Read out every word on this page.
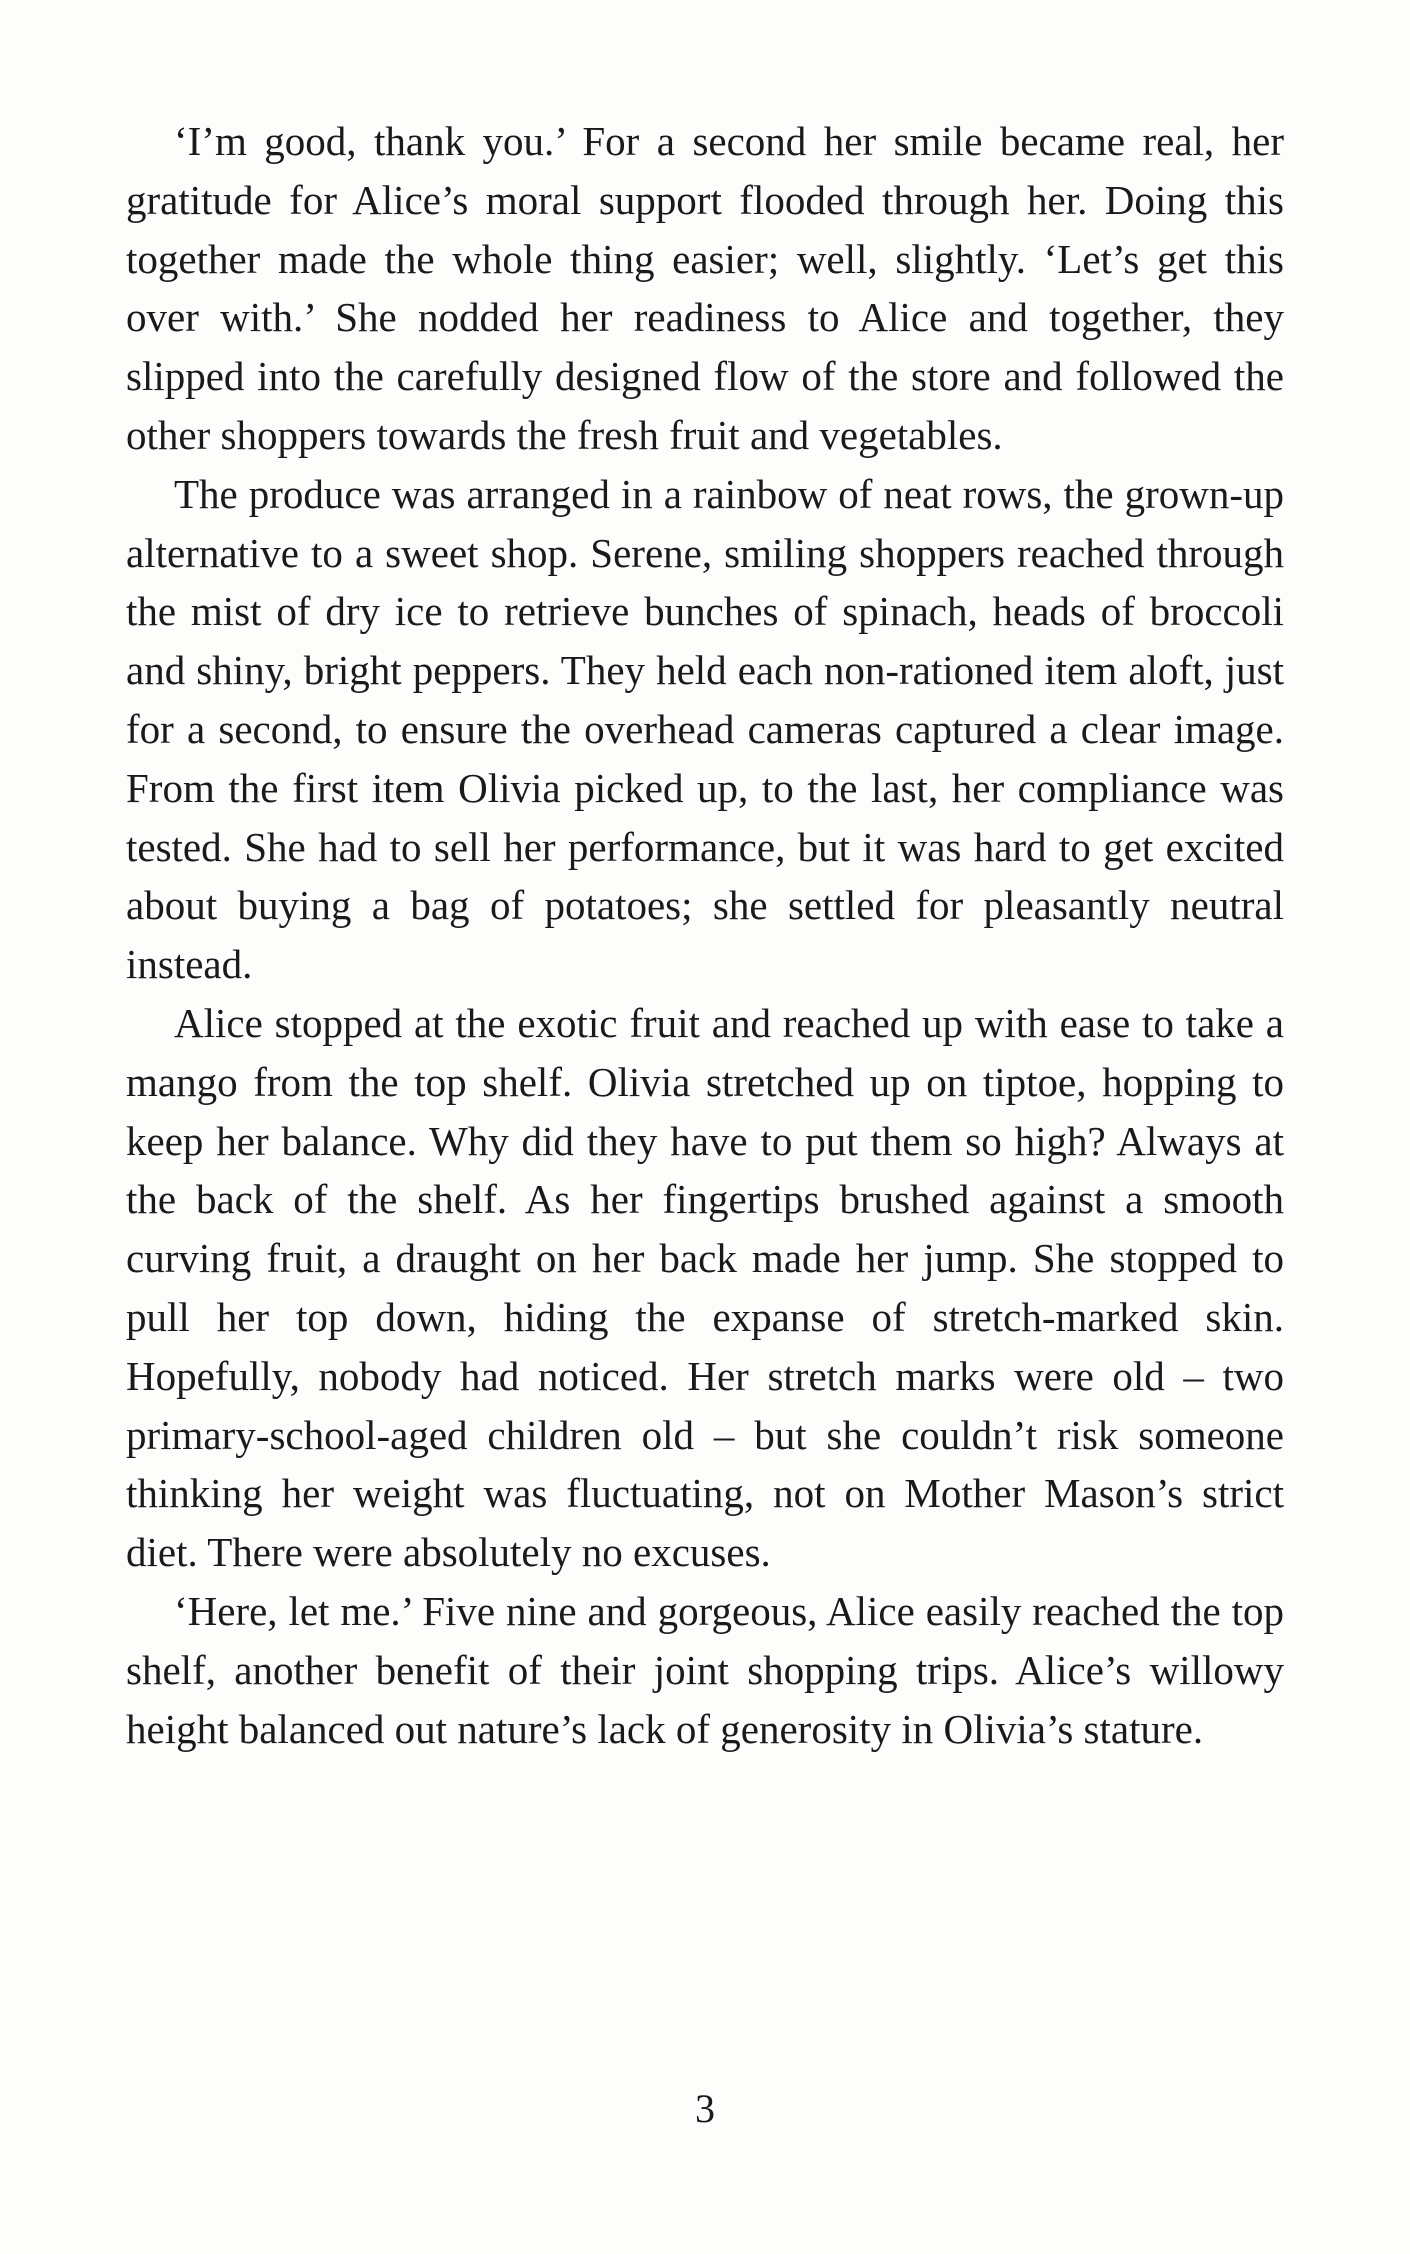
‘I’m good, thank you.’ For a second her smile became real, her gratitude for Alice’s moral support flooded through her. Doing this together made the whole thing easier; well, slightly. ‘Let’s get this over with.’ She nodded her readiness to Alice and together, they slipped into the carefully designed flow of the store and followed the other shoppers towards the fresh fruit and vegetables.

The produce was arranged in a rainbow of neat rows, the grown-up alternative to a sweet shop. Serene, smiling shoppers reached through the mist of dry ice to retrieve bunches of spinach, heads of broccoli and shiny, bright peppers. They held each non-rationed item aloft, just for a second, to ensure the overhead cameras captured a clear image. From the first item Olivia picked up, to the last, her compliance was tested. She had to sell her performance, but it was hard to get excited about buying a bag of potatoes; she settled for pleasantly neutral instead.

Alice stopped at the exotic fruit and reached up with ease to take a mango from the top shelf. Olivia stretched up on tiptoe, hopping to keep her balance. Why did they have to put them so high? Always at the back of the shelf. As her fingertips brushed against a smooth curving fruit, a draught on her back made her jump. She stopped to pull her top down, hiding the expanse of stretch-marked skin. Hopefully, nobody had noticed. Her stretch marks were old – two primary-school-aged children old – but she couldn’t risk someone thinking her weight was fluctuating, not on Mother Mason’s strict diet. There were absolutely no excuses.

‘Here, let me.’ Five nine and gorgeous, Alice easily reached the top shelf, another benefit of their joint shopping trips. Alice’s willowy height balanced out nature’s lack of generosity in Olivia’s stature.

3
